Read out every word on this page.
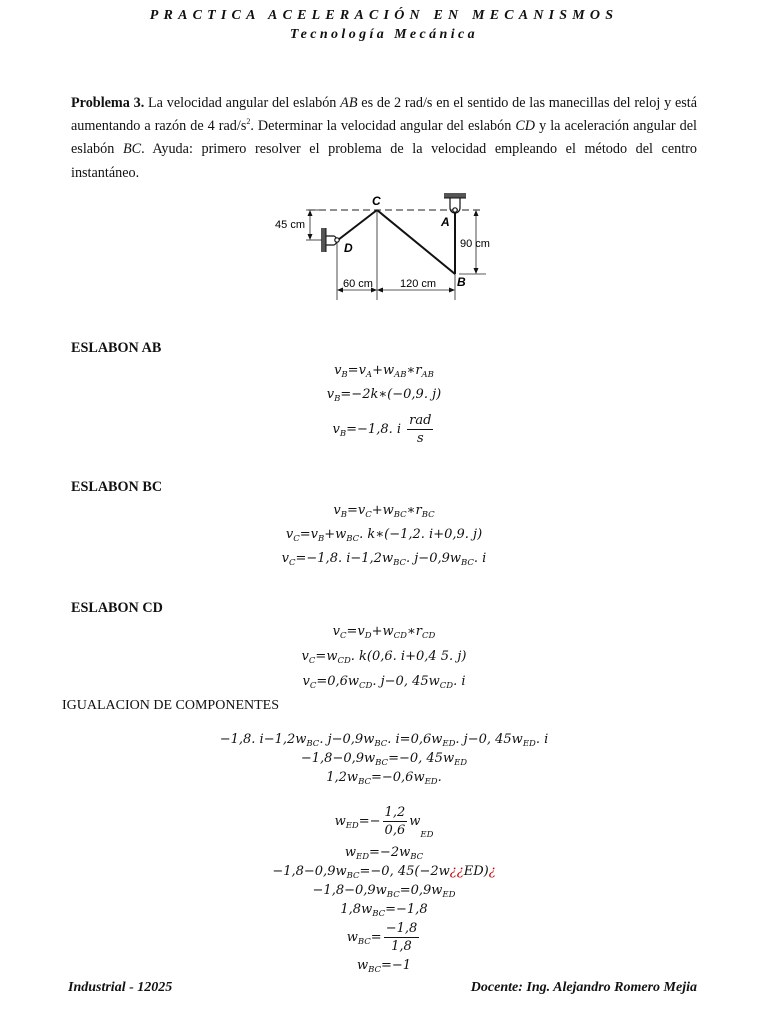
PRACTICA ACELERACIÓN EN MECANISMOS
Tecnología Mecánica
Problema 3. La velocidad angular del eslabón AB es de 2 rad/s en el sentido de las manecillas del reloj y está aumentando a razón de 4 rad/$s^2$. Determinar la velocidad angular del eslabón CD y la aceleración angular del eslabón BC. Ayuda: primero resolver el problema de la velocidad empleando el método del centro instantáneo.
45 cm
90 cm
60 cm 120 cm
C
A
D
B
ESLABON AB
$v_B=v_A+w_{AB}∗r_{AB}$
$v_B=-2k∗(-0,9$. j)
$v_B=-1,8$. i $\frac{\text{rad}}{s}$
ESLABON BC
$v_B=v_C+w_{BC}∗r_{BC}$
$v_C=v_B+w_{BC}$. k∗(−1,2. i+0,9. j)
$v_C=-1,8$. $i-1,2w_{BC}$. $j-0,9w_{BC}$. i
ESLABON CD
$v_C=v_D+w_{CD}∗r_{CD}$
$v_C=w_{CD}$. k(0,6. i+0,4 5. j)
$v_C=0,6w_{CD}$. j−0, $45w_{CD}$. i
IGUALACION DE COMPONENTES
−1,8. $i-1,2w_{BC}$. $j-0,9w_{BC}$. $i=0,6w_{ED}$. j−0, $45w_{ED}$. i
$-1,8-0,9w_{BC}=-0$, $45w_{ED}$
$1,2w_{BC}=-0,6w_{ED}$.
$w_{ED}=- \frac{1,2}{0,6} w_{ED}$
$w_{ED}=-2w_{BC}$
$-1,8-0,9w_{BC}=-0$, 45(−2w¿¿ED)¿
$-1,8-0,9w_{BC}=0,9w_{ED}$
$1,8w_{BC}=-1,8$
$w_{BC}= \frac{-1,8}{1,8}$
$w_{BC}=-1$
Industrial - 12025	Docente: Ing. Alejandro Romero Mejia
